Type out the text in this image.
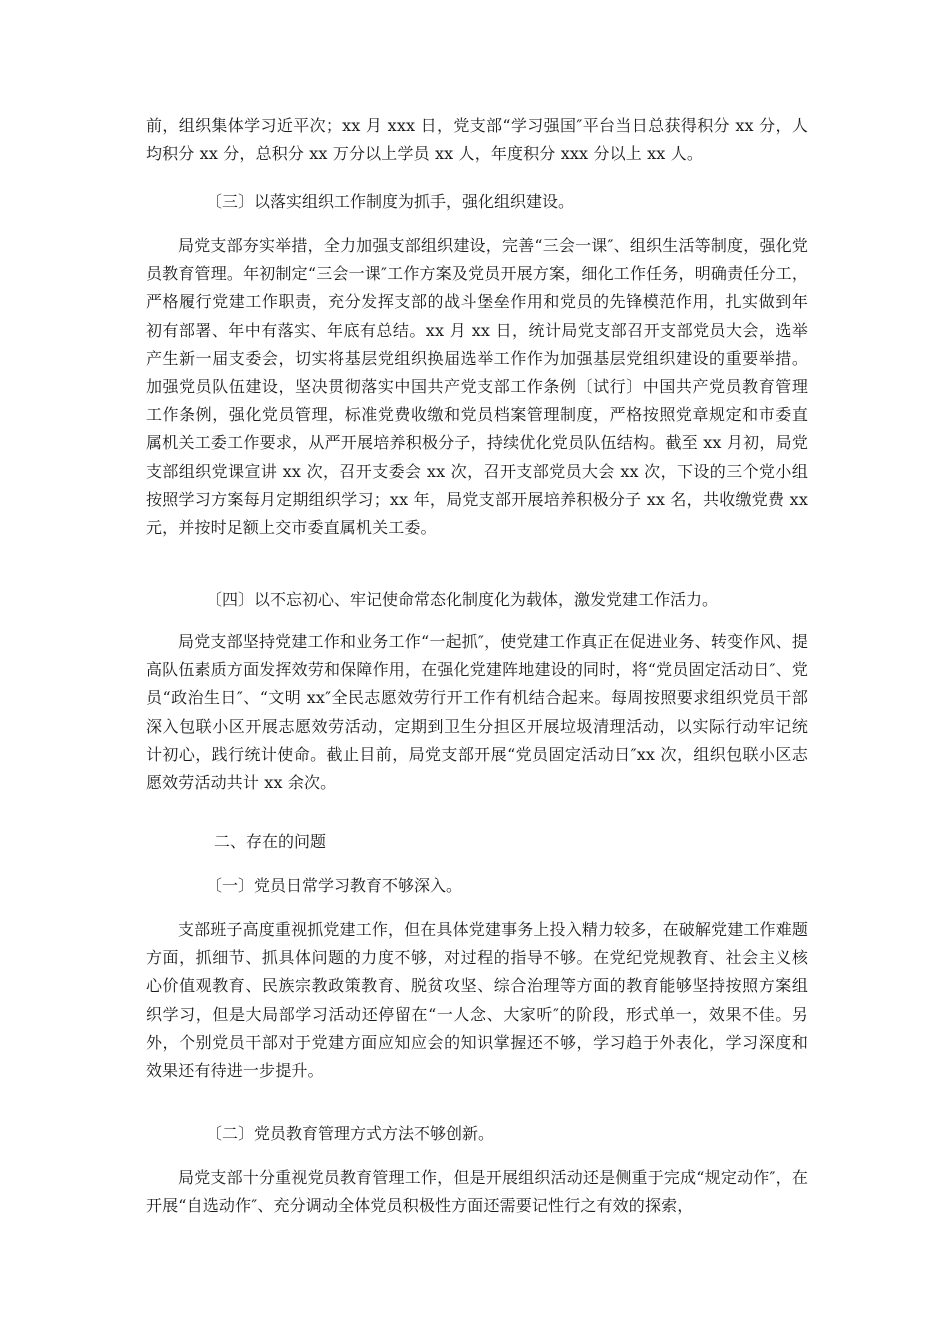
前，组织集体学习近平次；xx 月 xxx 日，党支部“学习强国″平台当日总获得积分 xx 分，人均积分 xx 分，总积分 xx 万分以上学员 xx 人，年度积分 xxx 分以上 xx 人。

〔三〕以落实组织工作制度为抓手，强化组织建设。

局党支部夯实举措，全力加强支部组织建设，完善“三会一课″、组织生活等制度，强化党员教育管理。年初制定“三会一课″工作方案及党员开展方案，细化工作任务，明确责任分工，严格履行党建工作职责，充分发挥支部的战斗堡垒作用和党员的先锋模范作用，扎实做到年初有部署、年中有落实、年底有总结。xx 月 xx 日，统计局党支部召开支部党员大会，选举产生新一届支委会，切实将基层党组织换届选举工作作为加强基层党组织建设的重要举措。加强党员队伍建设，坚决贯彻落实中国共产党支部工作条例〔试行〕中国共产党员教育管理工作条例，强化党员管理，标准党费收缴和党员档案管理制度，严格按照党章规定和市委直属机关工委工作要求，从严开展培养积极分子，持续优化党员队伍结构。截至 xx 月初，局党支部组织党课宣讲 xx 次，召开支委会 xx 次，召开支部党员大会 xx 次，下设的三个党小组按照学习方案每月定期组织学习；xx 年，局党支部开展培养积极分子 xx 名，共收缴党费 xx 元，并按时足额上交市委直属机关工委。

〔四〕以不忘初心、牢记使命常态化制度化为载体，激发党建工作活力。

局党支部坚持党建工作和业务工作“一起抓″，使党建工作真正在促进业务、转变作风、提高队伍素质方面发挥效劳和保障作用，在强化党建阵地建设的同时，将“党员固定活动日″、党员“政治生日″、“文明 xx″全民志愿效劳行开工作有机结合起来。每周按照要求组织党员干部深入包联小区开展志愿效劳活动，定期到卫生分担区开展垃圾清理活动，以实际行动牢记统计初心，践行统计使命。截止目前，局党支部开展“党员固定活动日″xx 次，组织包联小区志愿效劳活动共计 xx 余次。

二、存在的问题

〔一〕党员日常学习教育不够深入。

支部班子高度重视抓党建工作，但在具体党建事务上投入精力较多，在破解党建工作难题方面，抓细节、抓具体问题的力度不够，对过程的指导不够。在党纪党规教育、社会主义核心价值观教育、民族宗教政策教育、脱贫攻坚、综合治理等方面的教育能够坚持按照方案组织学习，但是大局部学习活动还停留在“一人念、大家听″的阶段，形式单一，效果不佳。另外，个别党员干部对于党建方面应知应会的知识掌握还不够，学习趋于外表化，学习深度和效果还有待进一步提升。

〔二〕党员教育管理方式方法不够创新。

局党支部十分重视党员教育管理工作，但是开展组织活动还是侧重于完成“规定动作″，在开展“自选动作″、充分调动全体党员积极性方面还需要记性行之有效的探索，
